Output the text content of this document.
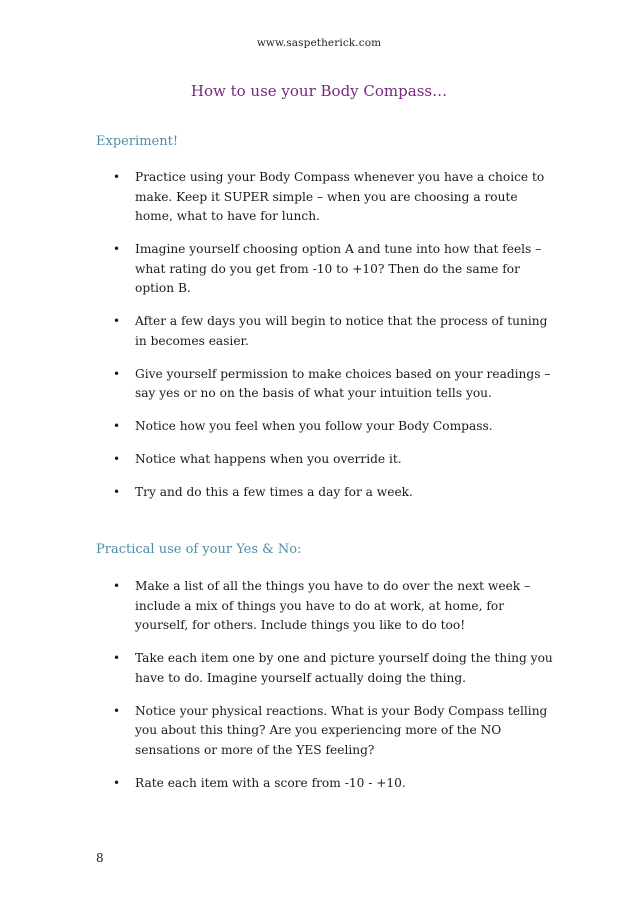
www.saspetherick.com
How to use your Body Compass…
Experiment!
• Practice using your Body Compass whenever you have a choice to make. Keep it SUPER simple – when you are choosing a route home, what to have for lunch.
• Imagine yourself choosing option A and tune into how that feels – what rating do you get from -10 to +10? Then do the same for option B.
• After a few days you will begin to notice that the process of tuning in becomes easier.
• Give yourself permission to make choices based on your readings – say yes or no on the basis of what your intuition tells you.
• Notice how you feel when you follow your Body Compass.
• Notice what happens when you override it.
• Try and do this a few times a day for a week.
Practical use of your Yes & No:
• Make a list of all the things you have to do over the next week – include a mix of things you have to do at work, at home, for yourself, for others. Include things you like to do too!
• Take each item one by one and picture yourself doing the thing you have to do. Imagine yourself actually doing the thing.
• Notice your physical reactions. What is your Body Compass telling you about this thing? Are you experiencing more of the NO sensations or more of the YES feeling?
• Rate each item with a score from -10 - +10.
8
